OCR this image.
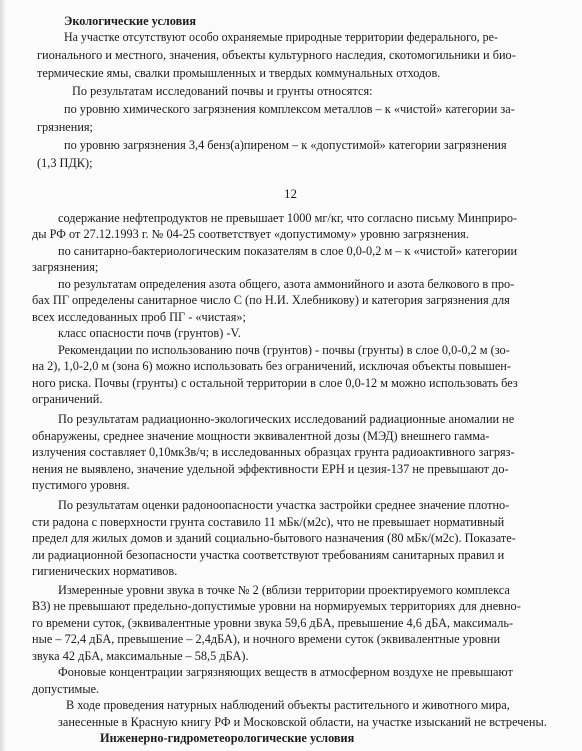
Экологические условия
На участке отсутствуют особо охраняемые природные территории федерального, ре-
гионального и местного, значения, объекты культурного наследия, скотомогильники и био-
термические ямы, свалки промышленных и твердых коммунальных отходов.
По результатам исследований почвы и грунты относятся:
по уровню химического загрязнения комплексом металлов – к «чистой» категории за-
грязнения;
по уровню загрязнения 3,4 бенз(а)пиреном – к «допустимой» категории загрязнения
(1,3 ПДК);
12
содержание нефтепродуктов не превышает 1000 мг/кг, что согласно письму Минприро-
ды РФ от 27.12.1993 г. № 04-25 соответствует «допустимому» уровню загрязнения.
по санитарно-бактериологическим показателям в слое 0,0-0,2 м – к «чистой» категории
загрязнения;
по результатам определения азота общего, азота аммонийного и азота белкового в про-
бах ПГ определены санитарное число С (по Н.И. Хлебникову) и категория загрязнения для
всех исследованных проб ПГ - «чистая»;
класс опасности почв (грунтов) -V.
Рекомендации по использованию почв (грунтов) - почвы (грунты) в слое 0,0-0,2 м (зо-
на 2), 1,0-2,0 м (зона 6) можно использовать без ограничений, исключая объекты повышен-
ного риска. Почвы (грунты) с остальной территории в слое 0,0-12 м можно использовать без
ограничений.
По результатам радиационно-экологических исследований радиационные аномалии не
обнаружены, среднее значение мощности эквивалентной дозы (МЭД) внешнего гамма-
излучения составляет 0,10мкЗв/ч; в исследованных образцах грунта радиоактивного загряз-
нения не выявлено, значение удельной эффективности ЕРН и цезия-137 не превышают до-
пустимого уровня.
По результатам оценки радоноопасности участка застройки среднее значение плотно-
сти радона с поверхности грунта составило 11 мБк/(м2с), что не превышает нормативный
предел для жилых домов и зданий социально-бытового назначения (80 мБк/(м2с). Показате-
ли радиационной безопасности участка соответствуют требованиям санитарных правил и
гигиенических нормативов.
Измеренные уровни звука в точке № 2 (вблизи территории проектируемого комплекса
В3) не превышают предельно-допустимые уровни на нормируемых территориях для дневно-
го времени суток, (эквивалентные уровни звука 59,6 дБА, превышение 4,6 дБА, максималь-
ные – 72,4 дБА, превышение – 2,4дБА), и ночного времени суток (эквивалентные уровни
звука 42 дБА, максимальные – 58,5 дБА).
Фоновые концентрации загрязняющих веществ в атмосферном воздухе не превышают
допустимые.
В ходе проведения натурных наблюдений объекты растительного и животного мира,
занесенные в Красную книгу РФ и Московской области, на участке изысканий не встречены.
Инженерно-гидрометеорологические условия
